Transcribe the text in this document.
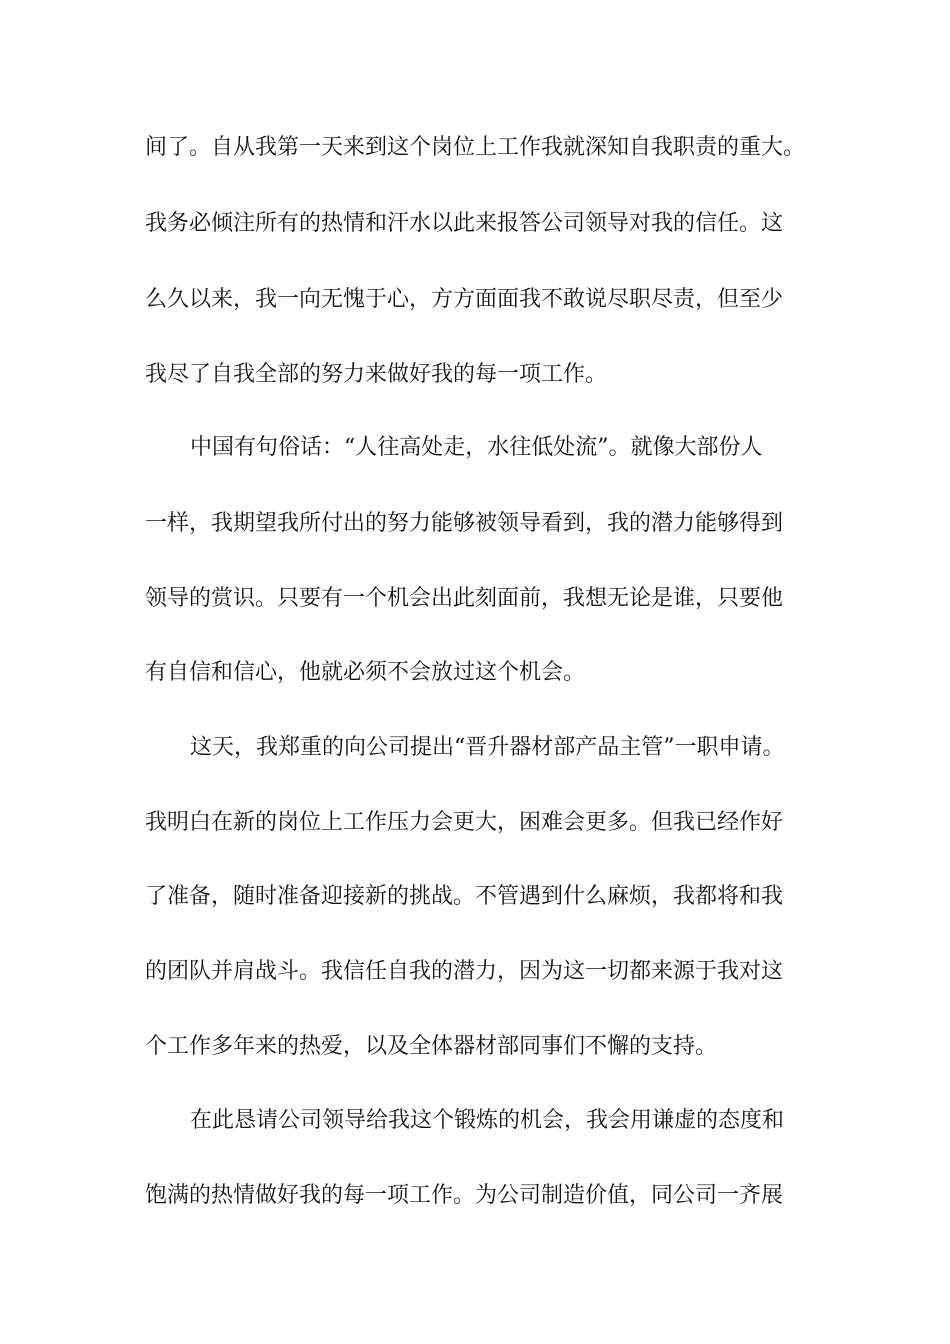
间了。自从我第一天来到这个岗位上工作我就深知自我职责的重大。
我务必倾注所有的热情和汗水以此来报答公司领导对我的信任。这
么久以来，我一向无愧于心，方方面面我不敢说尽职尽责，但至少
我尽了自我全部的努力来做好我的每一项工作。
中国有句俗话：“人往高处走，水往低处流”。就像大部份人
一样，我期望我所付出的努力能够被领导看到，我的潜力能够得到
领导的赏识。只要有一个机会出此刻面前，我想无论是谁，只要他
有自信和信心，他就必须不会放过这个机会。
这天，我郑重的向公司提出“晋升器材部产品主管”一职申请。
我明白在新的岗位上工作压力会更大，困难会更多。但我已经作好
了准备，随时准备迎接新的挑战。不管遇到什么麻烦，我都将和我
的团队并肩战斗。我信任自我的潜力，因为这一切都来源于我对这
个工作多年来的热爱，以及全体器材部同事们不懈的支持。
在此恳请公司领导给我这个锻炼的机会，我会用谦虚的态度和
饱满的热情做好我的每一项工作。为公司制造价值，同公司一齐展
